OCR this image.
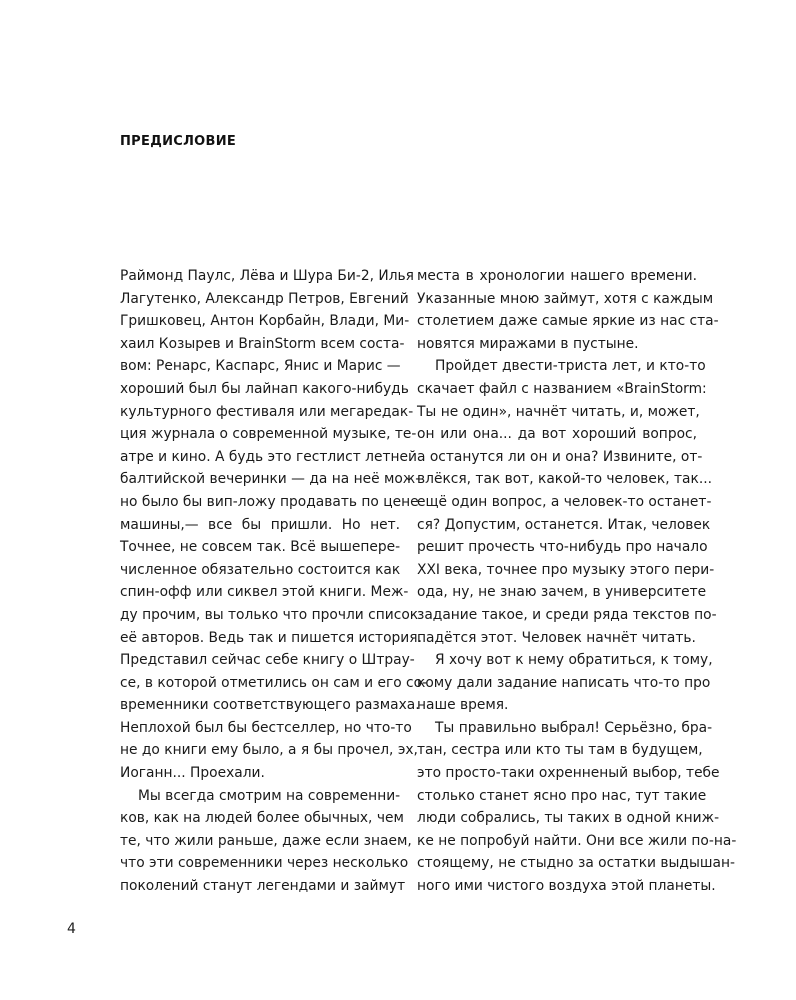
ПРЕДИСЛОВИЕ
Раймонд Паулс, Лёва и Шура Би-2, Илья
Лагутенко, Александр Петров, Евгений
Гришковец, Антон Корбайн, Влади, Ми-
хаил Козырев и BrainStorm всем соста-
вом: Ренарс, Каспарс, Янис и Марис —
хороший был бы лайнап какого-нибудь
культурного фестиваля или мегаредак-
ция журнала о современной музыке, те-
атре и кино. А будь это гестлист летней
балтийской вечеринки — да на неё мож-
но было бы вип-ложу продавать по цене
машины,— все бы пришли. Но нет.
Точнее, не совсем так. Всё вышепере-
численное обязательно состоится как
спин-офф или сиквел этой книги. Меж-
ду прочим, вы только что прочли список
её авторов. Ведь так и пишется история.
Представил сейчас себе книгу о Штрау-
се, в которой отметились он сам и его со-
временники соответствующего размаха.
Неплохой был бы бестселлер, но что-то
не до книги ему было, а я бы прочел, эх,
Иоганн... Проехали.
Мы всегда смотрим на современни-
ков, как на людей более обычных, чем
те, что жили раньше, даже если знаем,
что эти современники через несколько
поколений станут легендами и займут
места в хронологии нашего времени.
Указанные мною займут, хотя с каждым
столетием даже самые яркие из нас ста-
новятся миражами в пустыне.
Пройдет двести-триста лет, и кто-то
скачает файл с названием «BrainStorm:
Ты не один», начнёт читать, и, может,
он или она... да вот хороший вопрос,
а останутся ли он и она? Извините, от-
влёкся, так вот, какой-то человек, так...
ещё один вопрос, а человек-то останет-
ся? Допустим, останется. Итак, человек
решит прочесть что-нибудь про начало
XXI века, точнее про музыку этого пери-
ода, ну, не знаю зачем, в университете
задание такое, и среди ряда текстов по-
падётся этот. Человек начнёт читать.
Я хочу вот к нему обратиться, к тому,
кому дали задание написать что-то про
наше время.
Ты правильно выбрал! Серьёзно, бра-
тан, сестра или кто ты там в будущем,
это просто-таки охренненый выбор, тебе
столько станет ясно про нас, тут такие
люди собрались, ты таких в одной книж-
ке не попробуй найти. Они все жили по-на-
стоящему, не стыдно за остатки выдышан-
ного ими чистого воздуха этой планеты.
4
